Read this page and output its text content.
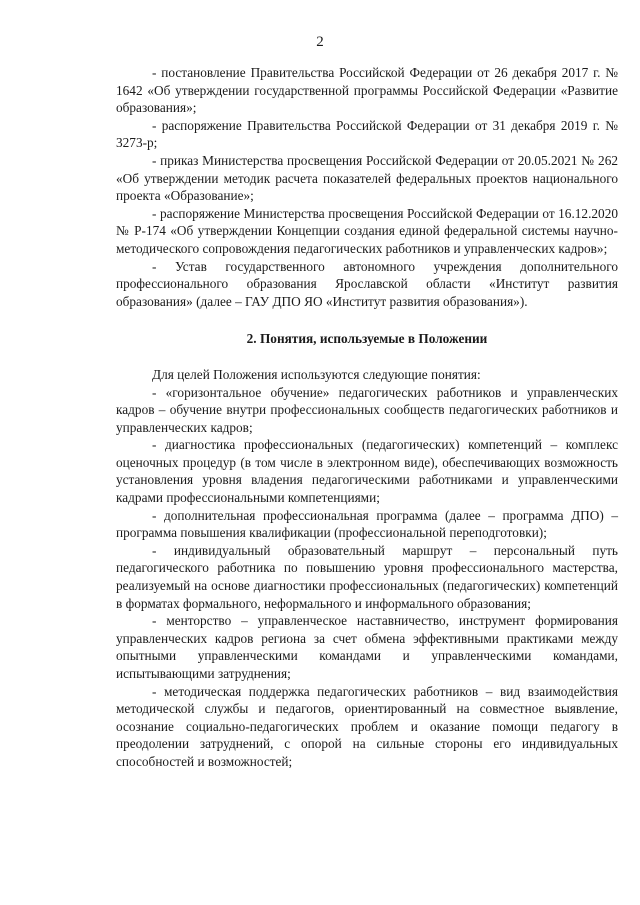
2

- постановление Правительства Российской Федерации от 26 декабря 2017 г. № 1642 «Об утверждении государственной программы Российской Федерации «Развитие образования»;

- распоряжение Правительства Российской Федерации от 31 декабря 2019 г. № 3273-р;

- приказ Министерства просвещения Российской Федерации от 20.05.2021 № 262 «Об утверждении методик расчета показателей федеральных проектов национального проекта «Образование»;

- распоряжение Министерства просвещения Российской Федерации от 16.12.2020 № Р-174 «Об утверждении Концепции создания единой федеральной системы научно-методического сопровождения педагогических работников и управленческих кадров»;

- Устав государственного автономного учреждения дополнительного профессионального образования Ярославской области «Институт развития образования» (далее – ГАУ ДПО ЯО «Институт развития образования»).

2. Понятия, используемые в Положении

Для целей Положения используются следующие понятия:

- «горизонтальное обучение» педагогических работников и управленческих кадров – обучение внутри профессиональных сообществ педагогических работников и управленческих кадров;

- диагностика профессиональных (педагогических) компетенций – комплекс оценочных процедур (в том числе в электронном виде), обеспечивающих возможность установления уровня владения педагогическими работниками и управленческими кадрами профессиональными компетенциями;

- дополнительная профессиональная программа (далее – программа ДПО) – программа повышения квалификации (профессиональной переподготовки);

- индивидуальный образовательный маршрут – персональный путь педагогического работника по повышению уровня профессионального мастерства, реализуемый на основе диагностики профессиональных (педагогических) компетенций в форматах формального, неформального и информального образования;

- менторство – управленческое наставничество, инструмент формирования управленческих кадров региона за счет обмена эффективными практиками между опытными управленческими командами и управленческими командами, испытывающими затруднения;

- методическая поддержка педагогических работников – вид взаимодействия методической службы и педагогов, ориентированный на совместное выявление, осознание социально-педагогических проблем и оказание помощи педагогу в преодолении затруднений, с опорой на сильные стороны его индивидуальных способностей и возможностей;
